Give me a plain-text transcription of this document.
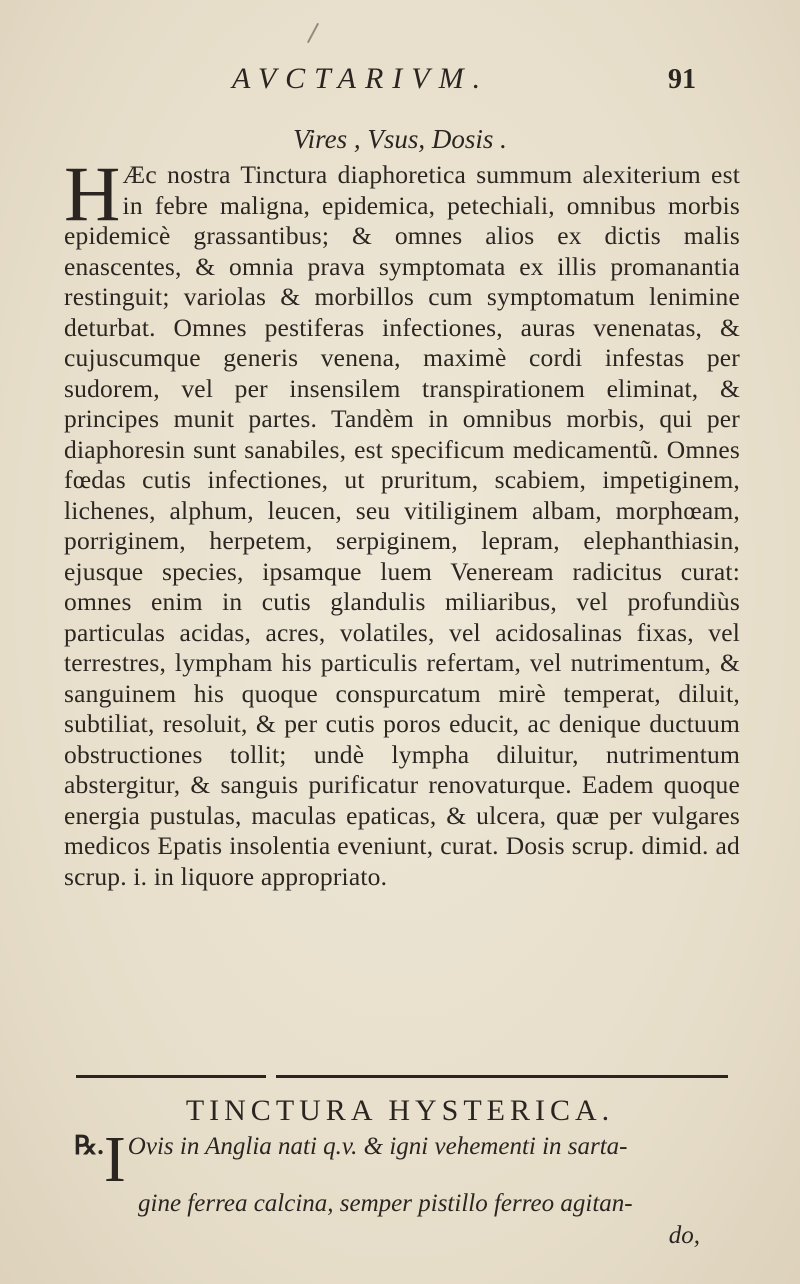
AVCTARIVM.	91
Vires , Vsus, Dosis .
H Æc nostra Tinctura diaphoretica summum alexiterium est in febre maligna, epidemica, petechiali, omnibus morbis epidemicè grassantibus; & omnes alios ex dictis malis enascentes, & omnia prava symptomata ex illis promanantia restinguit; variolas & morbillos cum symptomatum lenimine deturbat. Omnes pestiferas infectiones, auras venenatas, & cujuscumque generis venena, maximè cordi infestas per sudorem, vel per insensilem transpirationem eliminat, & principes munit partes. Tandèm in omnibus morbis, qui per diaphoresin sunt sanabiles, est specificum medicamentũ. Omnes fœdas cutis infectiones, ut pruritum, scabiem, impetiginem, lichenes, alphum, leucen, seu vitiliginem albam, morphœam, porriginem, herpetem, serpiginem, lepram, elephanthiasin, ejusque species, ipsamque luem Veneream radicitus curat: omnes enim in cutis glandulis miliaribus, vel profundiùs particulas acidas, acres, volatiles, vel acidosalinas fixas, vel terrestres, lympham his particulis refertam, vel nutrimentum, & sanguinem his quoque conspurcatum mirè temperat, diluit, subtiliat, resoluit, & per cutis poros educit, ac denique ductuum obstructiones tollit; undè lympha diluitur, nutrimentum abstergitur, & sanguis purificatur renovaturque. Eadem quoque energia pustulas, maculas epaticas, & ulcera, quæ per vulgares medicos Epatis insolentia eveniunt, curat. Dosis scrup. dimid. ad scrup. i. in liquore appropriato.
TINCTURA HYSTERICA.
℞.IOvis in Anglia nati q.v. & igni vehementi in sarta-
gine ferrea calcina, semper pistillo ferreo agitan-
do,
